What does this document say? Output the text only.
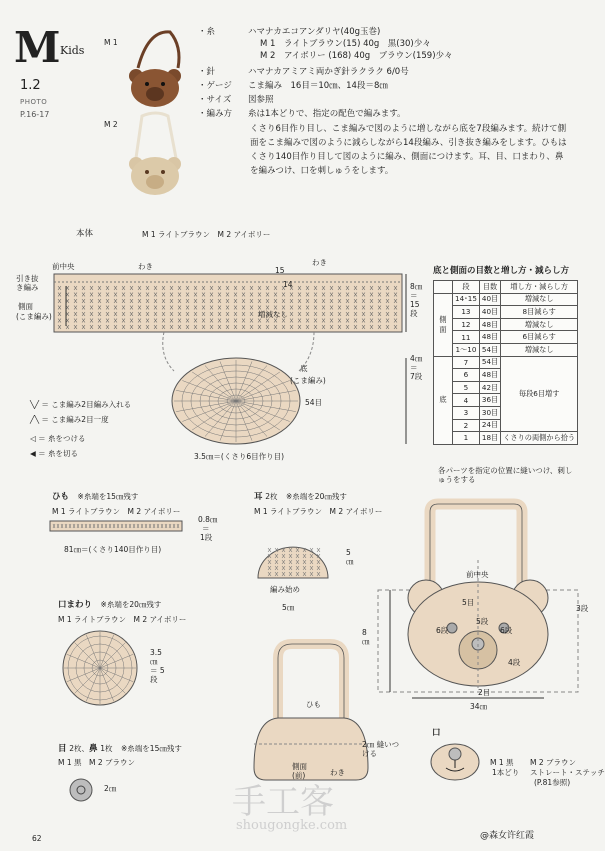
M Kids
1.2
PHOTO
P.16-17
M 1
M 2
・糸	ハマナカエコアンダリヤ(40g玉巻)
M 1　ライトブラウン(15) 40g　黒(30)少々
M 2　アイボリー (168) 40g　ブラウン(159)少々
・針	ハマナカアミアミ両かぎ針ラクラク 6/0号
・ゲージ こま編み　16目＝10㎝、14段＝8㎝
・サイズ 図参照
・編み方 糸は1本どりで、指定の配色で編みます。
くさり6目作り目し、こま編みで図のように増しながら底を7段編みます。続けて側面をこま編みで図のように減らしながら14段編み、引き抜き編みをします。ひもはくさり140目作り目して図のように編み、側面につけます。耳、目、口まわり、鼻を編みつけ、口を刺しゅうをします。
本体	M 1 ライトブラウン　M 2 アイボリー
前中央	わき	わき
引き抜き編み
側面
(こま編み)	増減なし
15
14	8㎝ ＝ 15段
底
(こま編み)
54目
4㎝ ＝ 7段
3.5㎝＝(くさり6目作り目)
╲╱ ＝ こま編み2目編み入れる
╱╲ ＝ こま編み2目一度
◁ ＝ 糸をつける
◀ ＝ 糸を切る
底と側面の目数と増し方・減らし方
	段	目数	増し方・減らし方
側面	14･15	40目	増減なし
	13	40目	8目減らす
	12	48目	増減なし
	11	48目	6目減らす
	1〜10	54目	増減なし
底	7	54目	毎段6目増す
	6	48目	
	5	42目	
	4	36目	
	3	30目	
	2	24目	
	1	18目	くさりの両側から拾う
ひも　 ※糸端を15㎝残す
M 1 ライトブラウン　M 2 アイボリー
0.8㎝
＝
1段
81㎝＝(くさり140目作り目)
耳 2枚　 ※糸端を20㎝残す
M 1 ライトブラウン　M 2 アイボリー
5㎝
編み始め
5㎝
口まわり　 ※糸端を20㎝残す
M 1 ライトブラウン　M 2 アイボリー
3.5㎝ ＝ 5段
目 2枚、鼻 1枚　 ※糸端を15㎝残す
M 1 黒　M 2 ブラウン
2㎝
各パーツを指定の位置に縫いつけ、刺しゅうをする
前中央
5目
5段
3段
6段	6段
4段
2目
8㎝
34㎝
ひも
2㎝ 縫いつける
側面 (前)	わき
口
M 1 黒
1本どり
M 2 ブラウン
ストレート・ステッチ
(P.81参照)
手工客
shougongke.com
@森女许红霞
62
